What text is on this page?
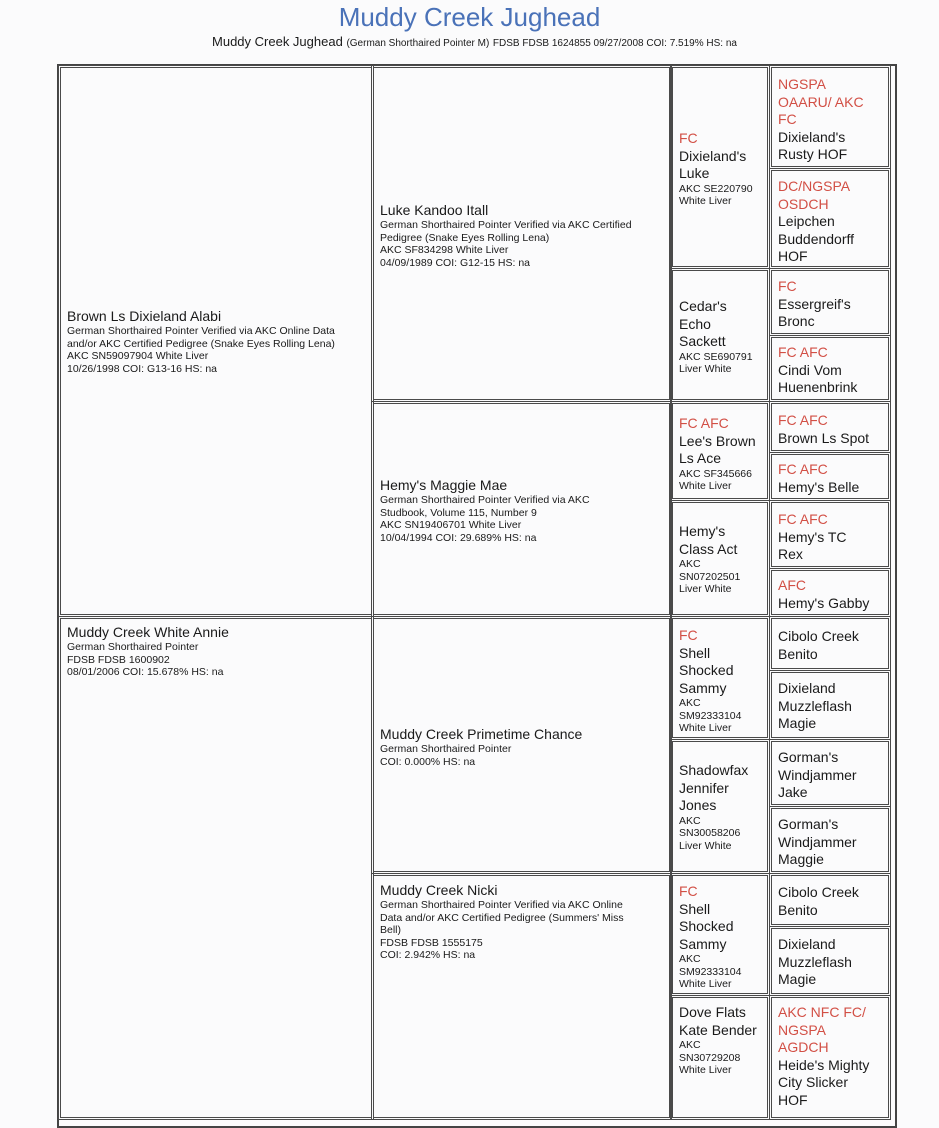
Muddy Creek Jughead
Muddy Creek Jughead (German Shorthaired Pointer M) FDSB FDSB 1624855 09/27/2008 COI: 7.519% HS: na
Brown Ls Dixieland Alabi
German Shorthaired Pointer Verified via AKC Online Data
and/or AKC Certified Pedigree (Snake Eyes Rolling Lena)
AKC SN59097904 White Liver
10/26/1998 COI: G13-16 HS: na
Muddy Creek White Annie
German Shorthaired Pointer
FDSB FDSB 1600902
08/01/2006 COI: 15.678% HS: na
Luke Kandoo Itall
German Shorthaired Pointer Verified via AKC Certified
Pedigree (Snake Eyes Rolling Lena)
AKC SF834298 White Liver
04/09/1989 COI: G12-15 HS: na
Hemy's Maggie Mae
German Shorthaired Pointer Verified via AKC
Studbook, Volume 115, Number 9
AKC SN19406701 White Liver
10/04/1994 COI: 29.689% HS: na
Muddy Creek Primetime Chance
German Shorthaired Pointer
COI: 0.000% HS: na
Muddy Creek Nicki
German Shorthaired Pointer Verified via AKC Online
Data and/or AKC Certified Pedigree (Summers' Miss
Bell)
FDSB FDSB 1555175
COI: 2.942% HS: na
FC
Dixieland's
Luke
AKC SE220790
White Liver
Cedar's
Echo
Sackett
AKC SE690791
Liver White
FC AFC
Lee's Brown
Ls Ace
AKC SF345666
White Liver
Hemy's
Class Act
AKC
SN07202501
Liver White
FC
Shell
Shocked
Sammy
AKC
SM92333104
White Liver
Shadowfax
Jennifer
Jones
AKC
SN30058206
Liver White
FC
Shell
Shocked
Sammy
AKC
SM92333104
White Liver
Dove Flats
Kate Bender
AKC
SN30729208
White Liver
NGSPA
OAARU/ AKC
FC
Dixieland's
Rusty HOF
DC/NGSPA
OSDCH
Leipchen
Buddendorff
HOF
FC
Essergreif's
Bronc
FC AFC
Cindi Vom
Huenenbrink
FC AFC
Brown Ls Spot
FC AFC
Hemy's Belle
FC AFC
Hemy's TC
Rex
AFC
Hemy's Gabby
Cibolo Creek
Benito
Dixieland
Muzzleflash
Magie
Gorman's
Windjammer
Jake
Gorman's
Windjammer
Maggie
Cibolo Creek
Benito
Dixieland
Muzzleflash
Magie
AKC NFC FC/
NGSPA
AGDCH
Heide's Mighty
City Slicker
HOF
